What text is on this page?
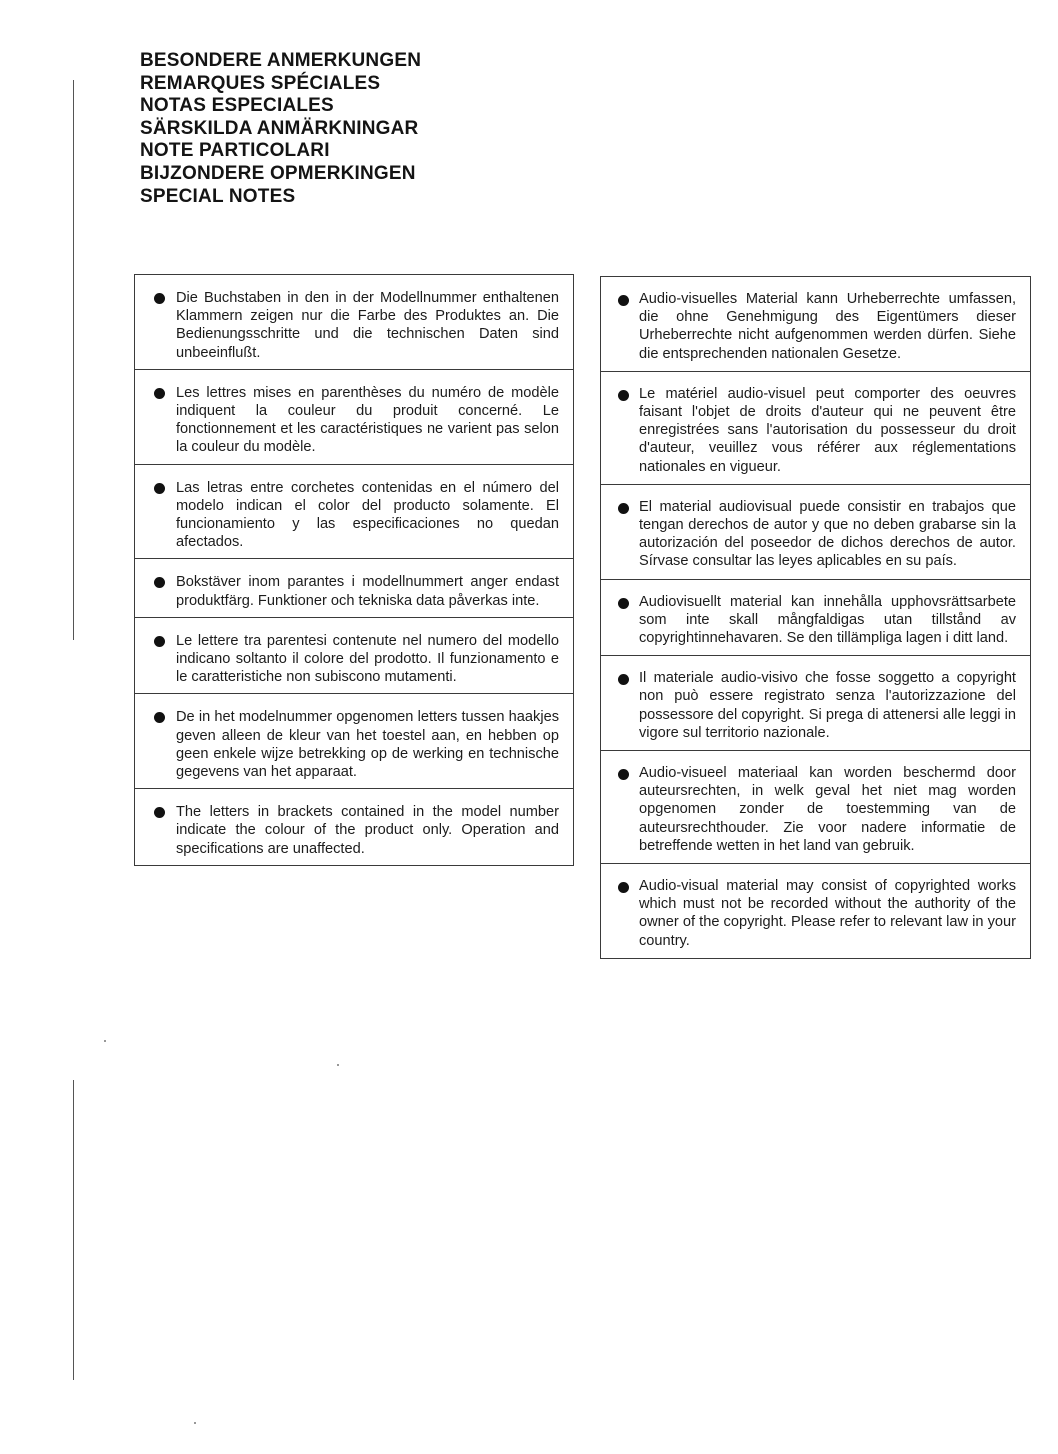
BESONDERE ANMERKUNGEN
REMARQUES SPÉCIALES
NOTAS ESPECIALES
SÄRSKILDA ANMÄRKNINGAR
NOTE PARTICOLARI
BIJZONDERE OPMERKINGEN
SPECIAL NOTES
Die Buchstaben in den in der Modellnummer enthaltenen Klammern zeigen nur die Farbe des Produktes an. Die Bedienungsschritte und die technischen Daten sind unbeeinflußt.
Les lettres mises en parenthèses du numéro de modèle indiquent la couleur du produit concerné. Le fonctionnement et les caractéristiques ne varient pas selon la couleur du modèle.
Las letras entre corchetes contenidas en el número del modelo indican el color del producto solamente. El funcionamiento y las especificaciones no quedan afectados.
Bokstäver inom parantes i modellnummert anger endast produktfärg. Funktioner och tekniska data påverkas inte.
Le lettere tra parentesi contenute nel numero del modello indicano soltanto il colore del prodotto. Il funzionamento e le caratteristiche non subiscono mutamenti.
De in het modelnummer opgenomen letters tussen haakjes geven alleen de kleur van het toestel aan, en hebben op geen enkele wijze betrekking op de werking en technische gegevens van het apparaat.
The letters in brackets contained in the model number indicate the colour of the product only. Operation and specifications are unaffected.
Audio-visuelles Material kann Urheberrechte umfassen, die ohne Genehmigung des Eigentümers dieser Urheberrechte nicht aufgenommen werden dürfen. Siehe die entsprechenden nationalen Gesetze.
Le matériel audio-visuel peut comporter des oeuvres faisant l'objet de droits d'auteur qui ne peuvent être enregistrées sans l'autorisation du possesseur du droit d'auteur, veuillez vous référer aux réglementations nationales en vigueur.
El material audiovisual puede consistir en trabajos que tengan derechos de autor y que no deben grabarse sin la autorización del poseedor de dichos derechos de autor. Sírvase consultar las leyes aplicables en su país.
Audiovisuellt material kan innehålla upphovsrättsarbete som inte skall mångfaldigas utan tillstånd av copyrightinnehavaren. Se den tillämpliga lagen i ditt land.
Il materiale audio-visivo che fosse soggetto a copyright non può essere registrato senza l'autorizzazione del possessore del copyright. Si prega di attenersi alle leggi in vigore sul territorio nazionale.
Audio-visueel materiaal kan worden beschermd door auteursrechten, in welk geval het niet mag worden opgenomen zonder de toestemming van de auteursrechthouder. Zie voor nadere informatie de betreffende wetten in het land van gebruik.
Audio-visual material may consist of copyrighted works which must not be recorded without the authority of the owner of the copyright. Please refer to relevant law in your country.
